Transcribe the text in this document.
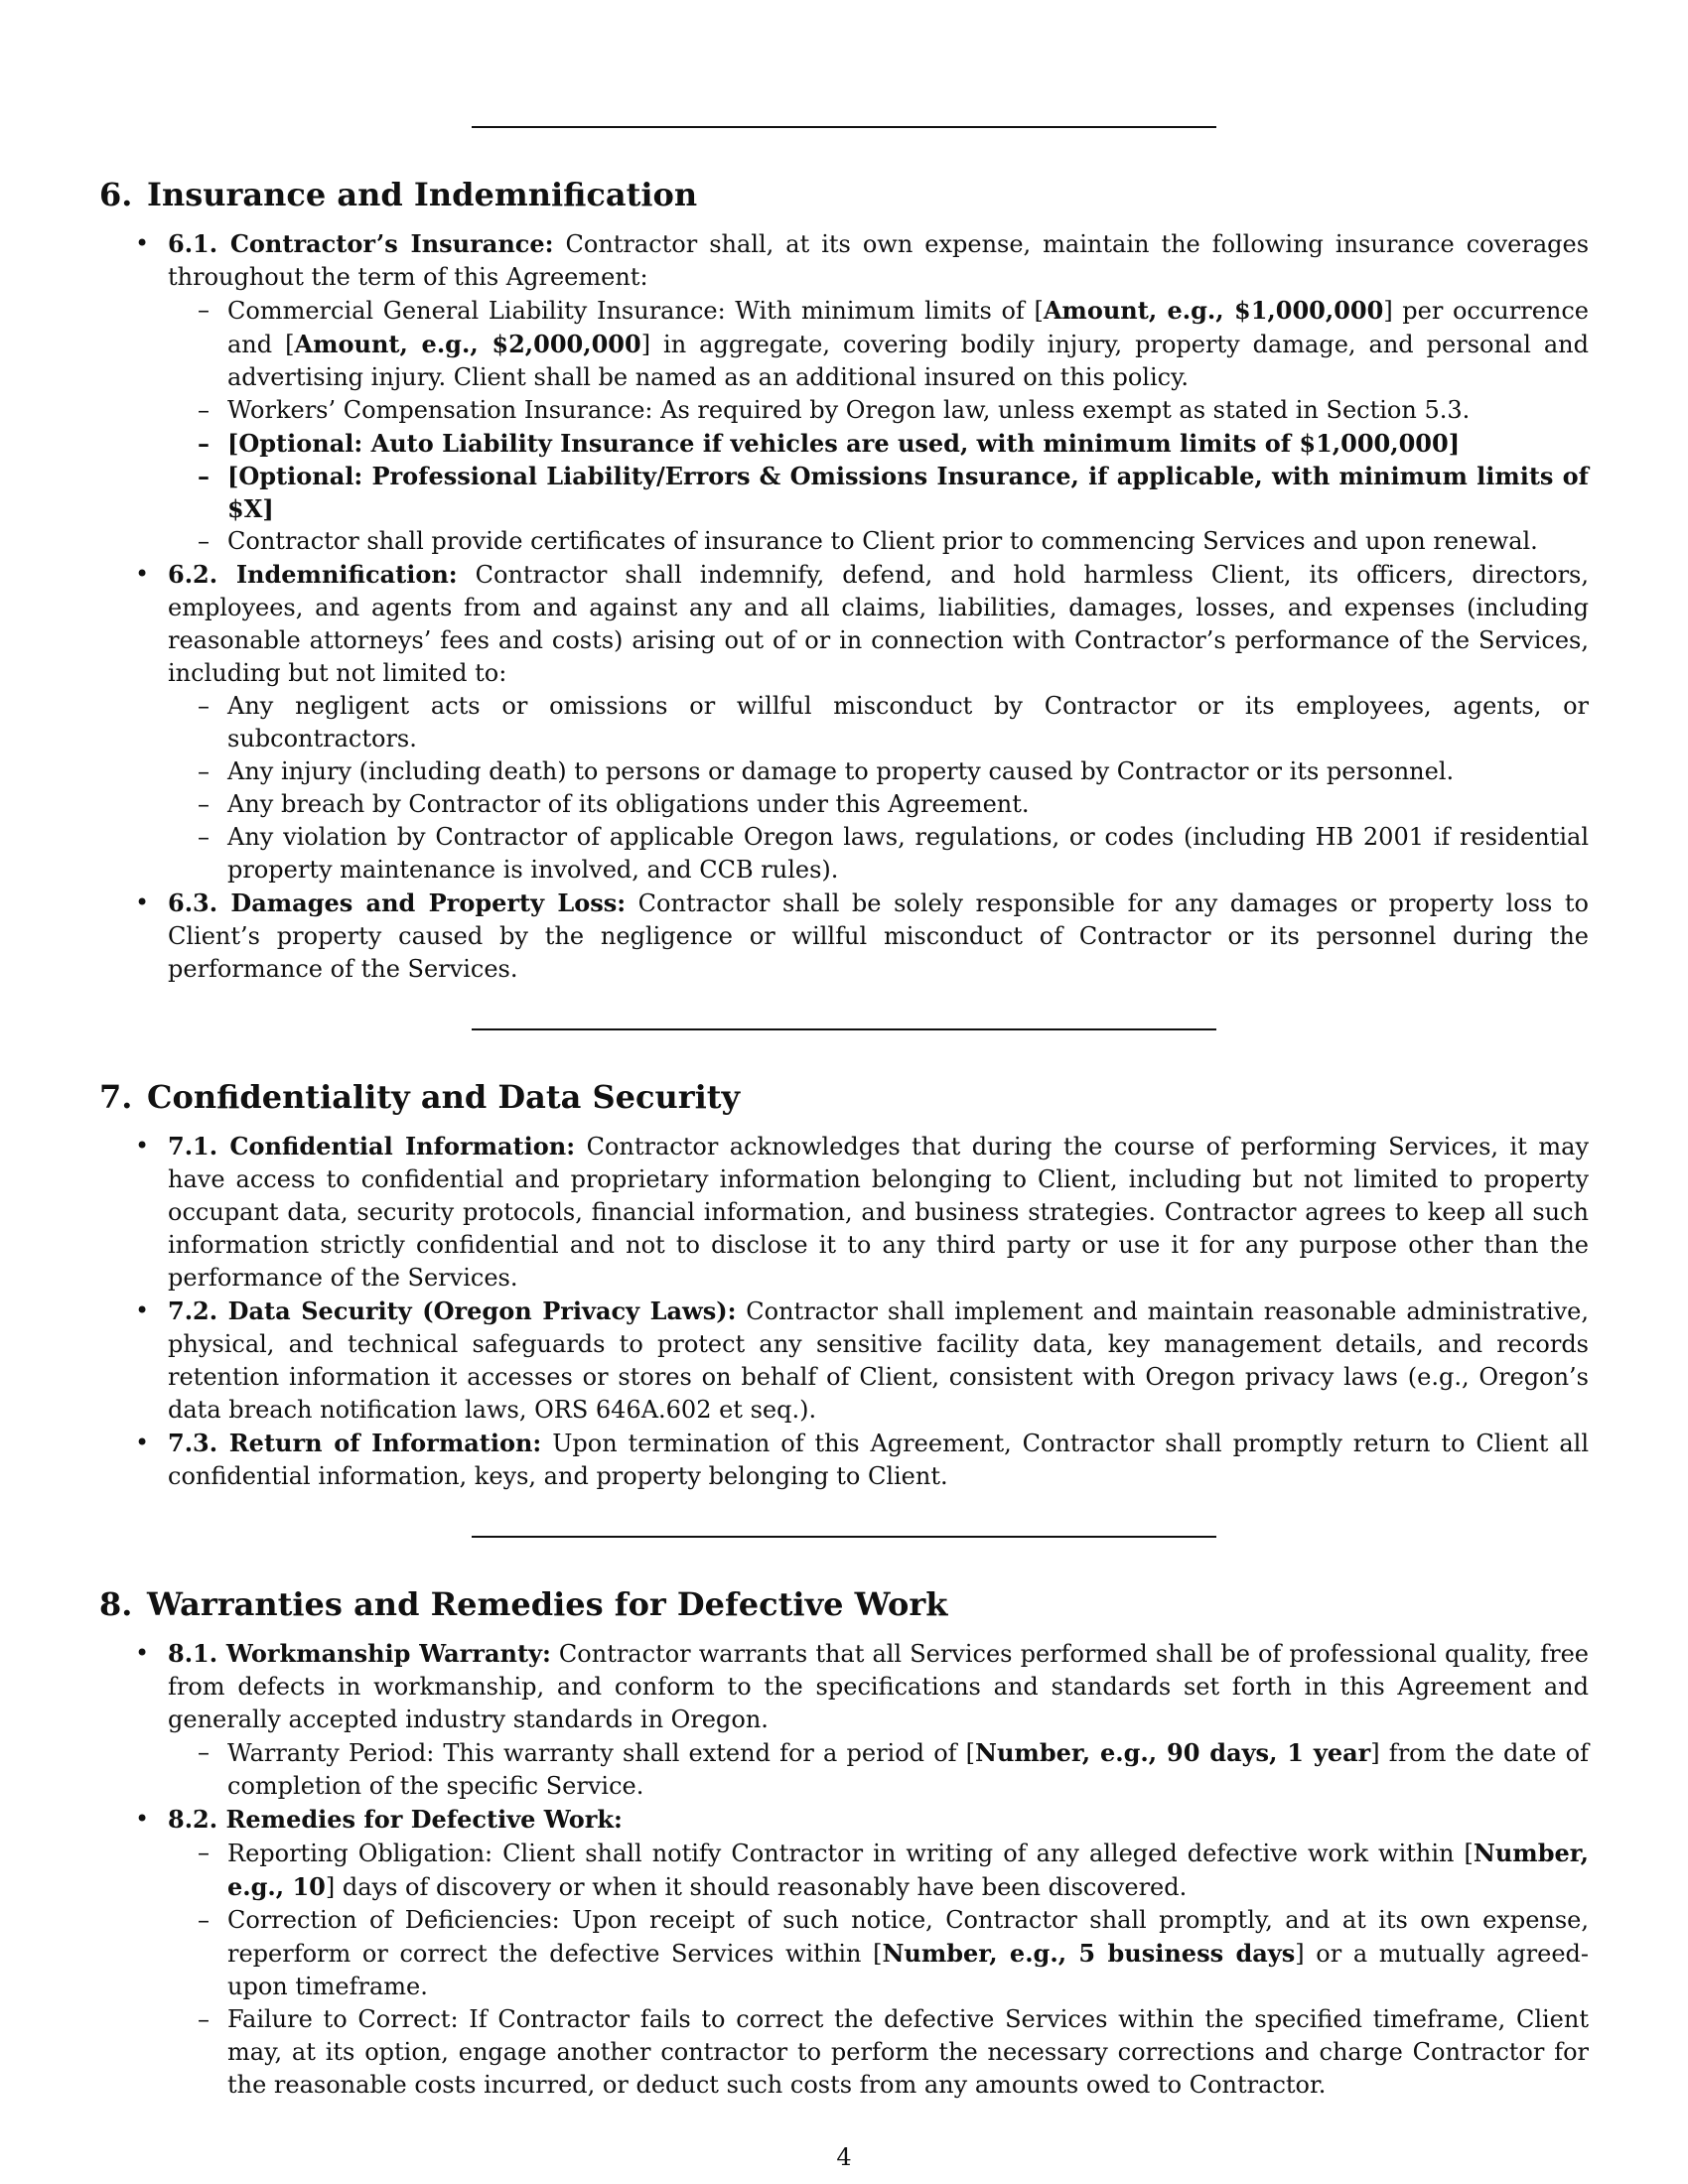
6. Insurance and Indemnification
• 6.1. Contractor’s Insurance: Contractor shall, at its own expense, maintain the following insurance coverages throughout the term of this Agreement:
– Commercial General Liability Insurance: With minimum limits of [Amount, e.g., $1,000,000] per occurrence and [Amount, e.g., $2,000,000] in aggregate, covering bodily injury, property damage, and personal and advertising injury. Client shall be named as an additional insured on this policy.
– Workers’ Compensation Insurance: As required by Oregon law, unless exempt as stated in Section 5.3.
– [Optional: Auto Liability Insurance if vehicles are used, with minimum limits of $1,000,000]
– [Optional: Professional Liability/Errors & Omissions Insurance, if applicable, with minimum limits of $X]
– Contractor shall provide certificates of insurance to Client prior to commencing Services and upon renewal.
• 6.2. Indemnification: Contractor shall indemnify, defend, and hold harmless Client, its officers, directors, employees, and agents from and against any and all claims, liabilities, damages, losses, and expenses (including reasonable attorneys’ fees and costs) arising out of or in connection with Contractor’s performance of the Services, including but not limited to:
– Any negligent acts or omissions or willful misconduct by Contractor or its employees, agents, or subcontractors.
– Any injury (including death) to persons or damage to property caused by Contractor or its personnel.
– Any breach by Contractor of its obligations under this Agreement.
– Any violation by Contractor of applicable Oregon laws, regulations, or codes (including HB 2001 if residential property maintenance is involved, and CCB rules).
• 6.3. Damages and Property Loss: Contractor shall be solely responsible for any damages or property loss to Client’s property caused by the negligence or willful misconduct of Contractor or its personnel during the performance of the Services.
7. Confidentiality and Data Security
• 7.1. Confidential Information: Contractor acknowledges that during the course of performing Services, it may have access to confidential and proprietary information belonging to Client, including but not limited to property occupant data, security protocols, financial information, and business strategies. Contractor agrees to keep all such information strictly confidential and not to disclose it to any third party or use it for any purpose other than the performance of the Services.
• 7.2. Data Security (Oregon Privacy Laws): Contractor shall implement and maintain reasonable administrative, physical, and technical safeguards to protect any sensitive facility data, key management details, and records retention information it accesses or stores on behalf of Client, consistent with Oregon privacy laws (e.g., Oregon’s data breach notification laws, ORS 646A.602 et seq.).
• 7.3. Return of Information: Upon termination of this Agreement, Contractor shall promptly return to Client all confidential information, keys, and property belonging to Client.
8. Warranties and Remedies for Defective Work
• 8.1. Workmanship Warranty: Contractor warrants that all Services performed shall be of professional quality, free from defects in workmanship, and conform to the specifications and standards set forth in this Agreement and generally accepted industry standards in Oregon.
– Warranty Period: This warranty shall extend for a period of [Number, e.g., 90 days, 1 year] from the date of completion of the specific Service.
• 8.2. Remedies for Defective Work:
– Reporting Obligation: Client shall notify Contractor in writing of any alleged defective work within [Number, e.g., 10] days of discovery or when it should reasonably have been discovered.
– Correction of Deficiencies: Upon receipt of such notice, Contractor shall promptly, and at its own expense, reperform or correct the defective Services within [Number, e.g., 5 business days] or a mutually agreed-upon timeframe.
– Failure to Correct: If Contractor fails to correct the defective Services within the specified timeframe, Client may, at its option, engage another contractor to perform the necessary corrections and charge Contractor for the reasonable costs incurred, or deduct such costs from any amounts owed to Contractor.
4
